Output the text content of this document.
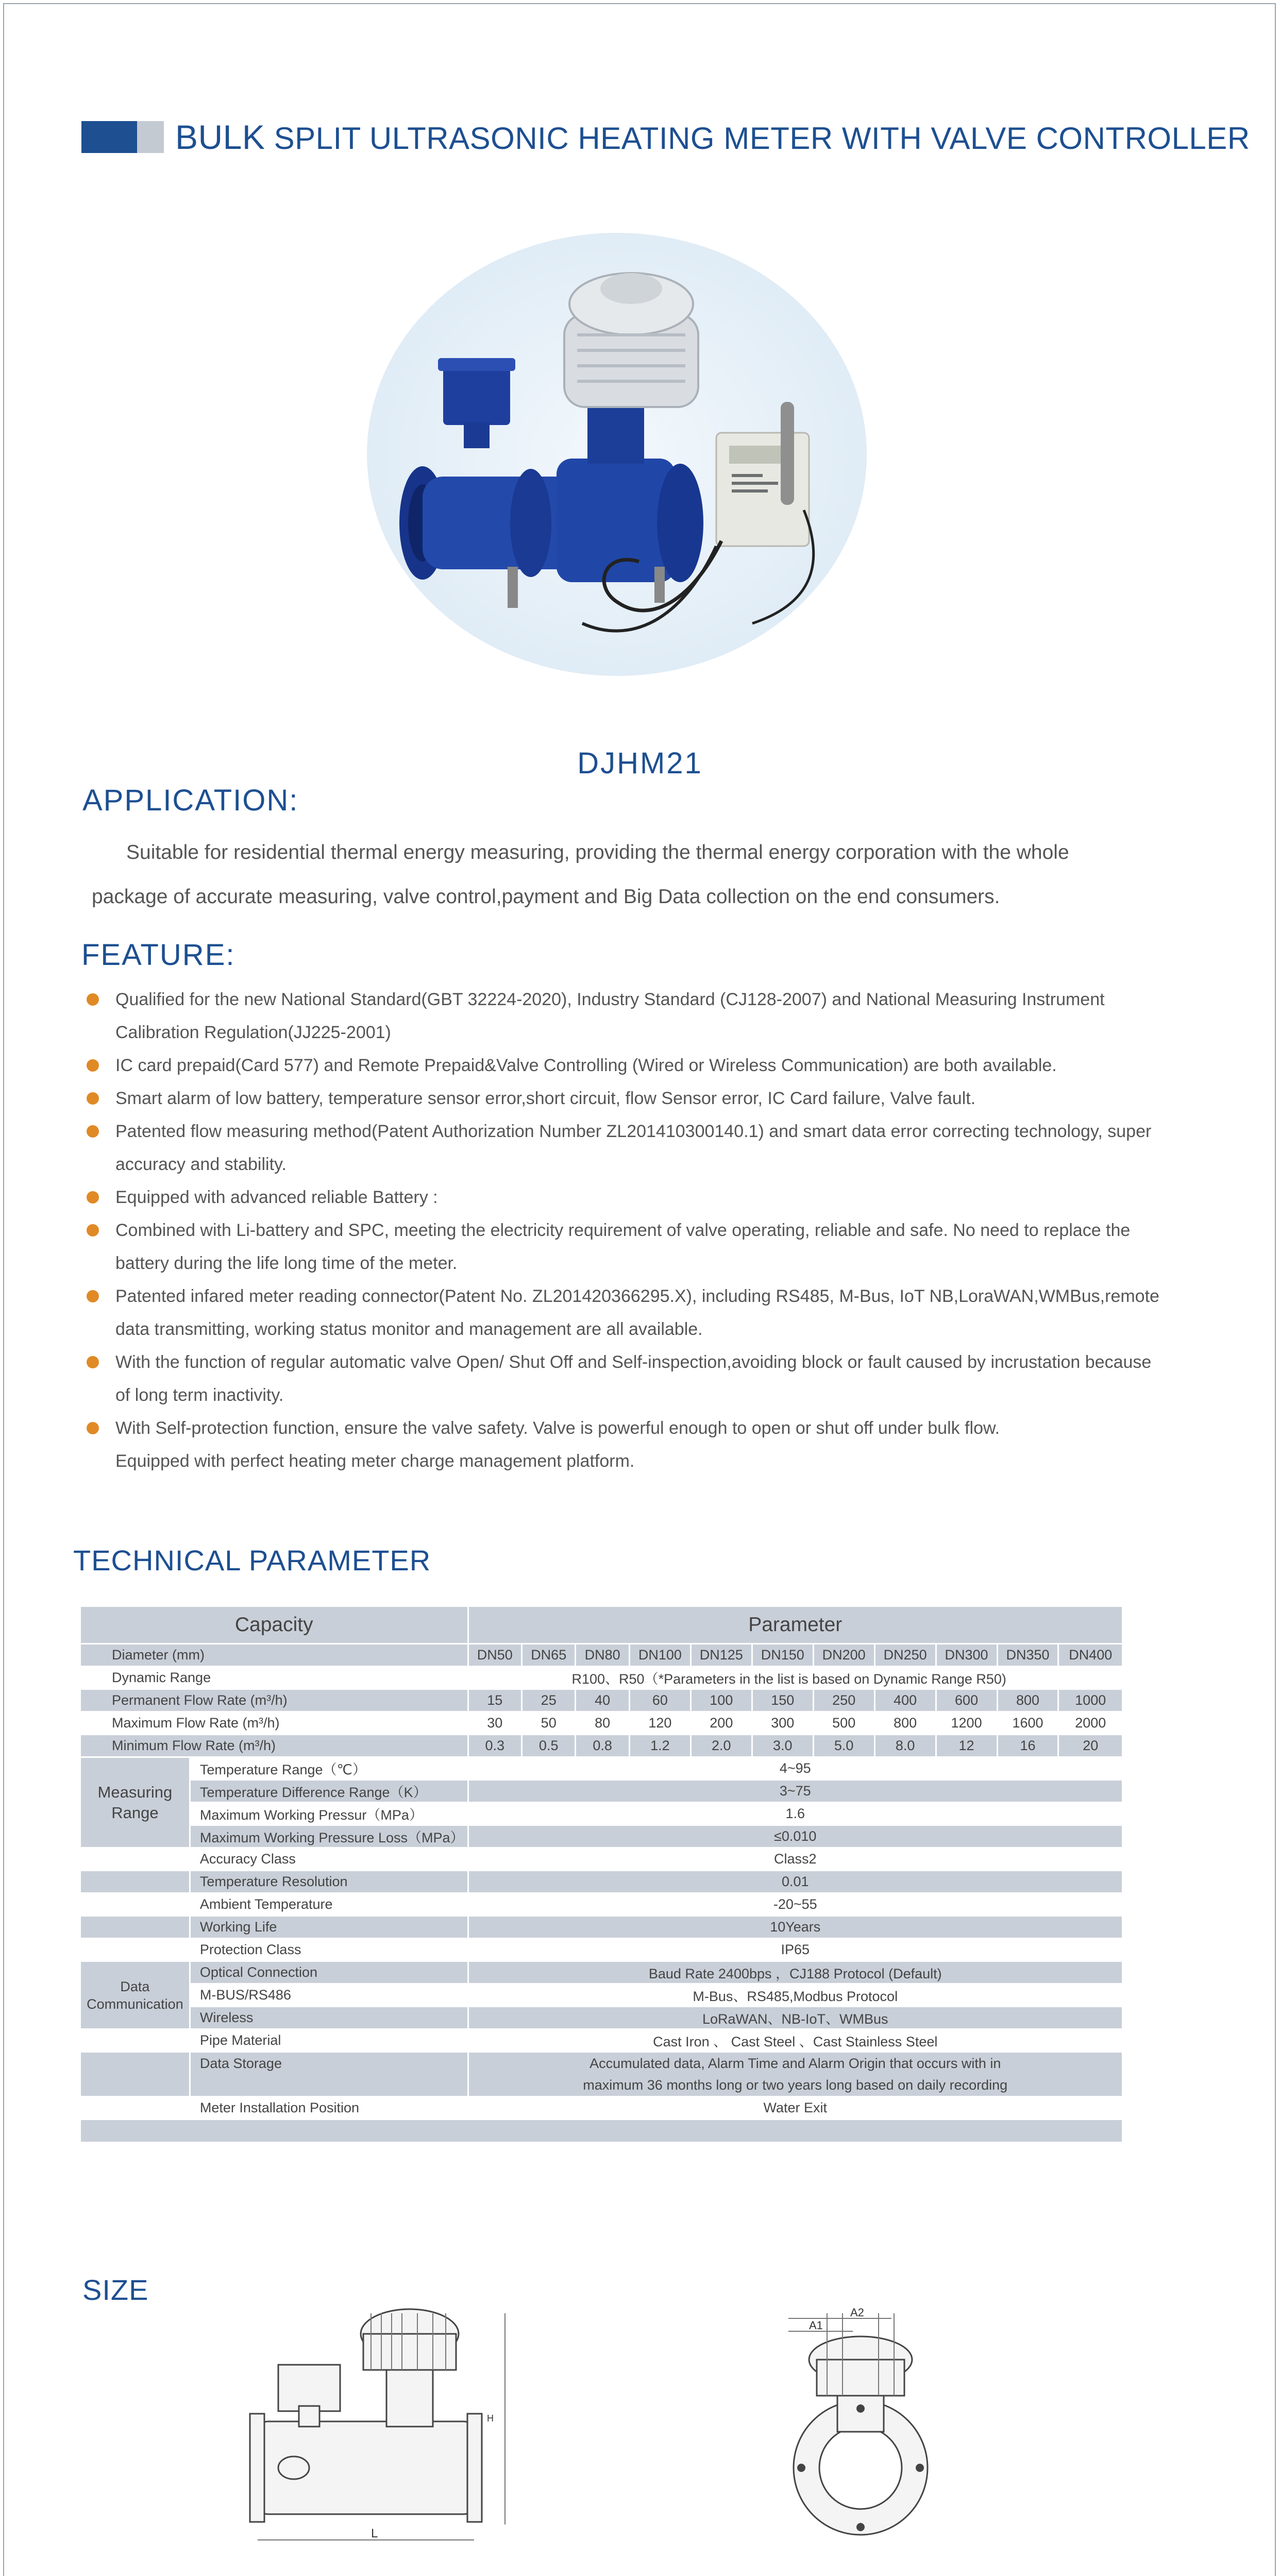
BULK SPLIT ULTRASONIC HEATING METER WITH VALVE CONTROLLER
DJHM21
APPLICATION:
Suitable for residential thermal energy measuring, providing the thermal energy corporation with the whole
package of accurate measuring, valve control,payment and Big Data collection on the end consumers.
FEATURE:
Qualified for the new National Standard(GBT 32224-2020), Industry Standard (CJ128-2007) and National Measuring Instrument
Calibration Regulation(JJ225-2001)
IC card prepaid(Card 577) and Remote Prepaid&Valve Controlling (Wired or Wireless Communication) are both available.
Smart alarm of low battery, temperature sensor error,short circuit, flow Sensor error, IC Card failure, Valve fault.
Patented flow measuring method(Patent Authorization Number ZL201410300140.1) and smart data error correcting technology, super
accuracy and stability.
Equipped with advanced reliable Battery :
Combined with Li-battery and SPC, meeting the electricity requirement of valve operating, reliable and safe. No need to replace the
battery during the life long time of the meter.
Patented infared meter reading connector(Patent No. ZL201420366295.X), including RS485, M-Bus, IoT NB,LoraWAN,WMBus,remote
data transmitting, working status monitor and management are all available.
With the function of regular automatic valve Open/ Shut Off and Self-inspection,avoiding block or fault caused by incrustation because
of long term inactivity.
With Self-protection function, ensure the valve safety. Valve is powerful enough to open or shut off under bulk flow.
Equipped with perfect heating meter charge management platform.
TECHNICAL PARAMETER
Capacity		Parameter										
Diameter (mm)		DN50	DN65	DN80	DN100	DN125	DN150	DN200	DN250	DN300	DN350	DN400
Dynamic Range		R100、R50（*Parameters in the list is based on Dynamic Range R50)										
Permanent Flow Rate (m³/h)		15	25	40	60	100	150	250	400	600	800	1000
Maximum Flow Rate (m³/h)		30	50	80	120	200	300	500	800	1200	1600	2000
Minimum Flow Rate (m³/h)		0.3	0.5	0.8	1.2	2.0	3.0	5.0	8.0	12	16	20
Measuring Range	Temperature Range（℃）	4~95										
	Temperature Difference Range（K）	3~75										
	Maximum Working Pressur（MPa）	1.6										
	Maximum Working Pressure Loss（MPa）	≤0.010										
	Accuracy Class	Class2										
	Temperature Resolution	0.01										
	Ambient Temperature	-20~55										
	Working Life	10Years										
	Protection Class	IP65										
Data Communication	Optical Connection	Baud Rate 2400bps ，CJ188 Protocol (Default)										
	M-BUS/RS486	M-Bus、RS485,Modbus Protocol										
	Wireless	LoRaWAN、NB-IoT、WMBus										
	Pipe Material	Cast Iron 、 Cast Steel 、Cast Stainless Steel										
	Data Storage	Accumulated data, Alarm Time and Alarm Origin that occurs with in
maximum 36 months long or two years long based on daily recording										
	Meter Installation Position	Water Exit										

SIZE
L
H
A2
A1
